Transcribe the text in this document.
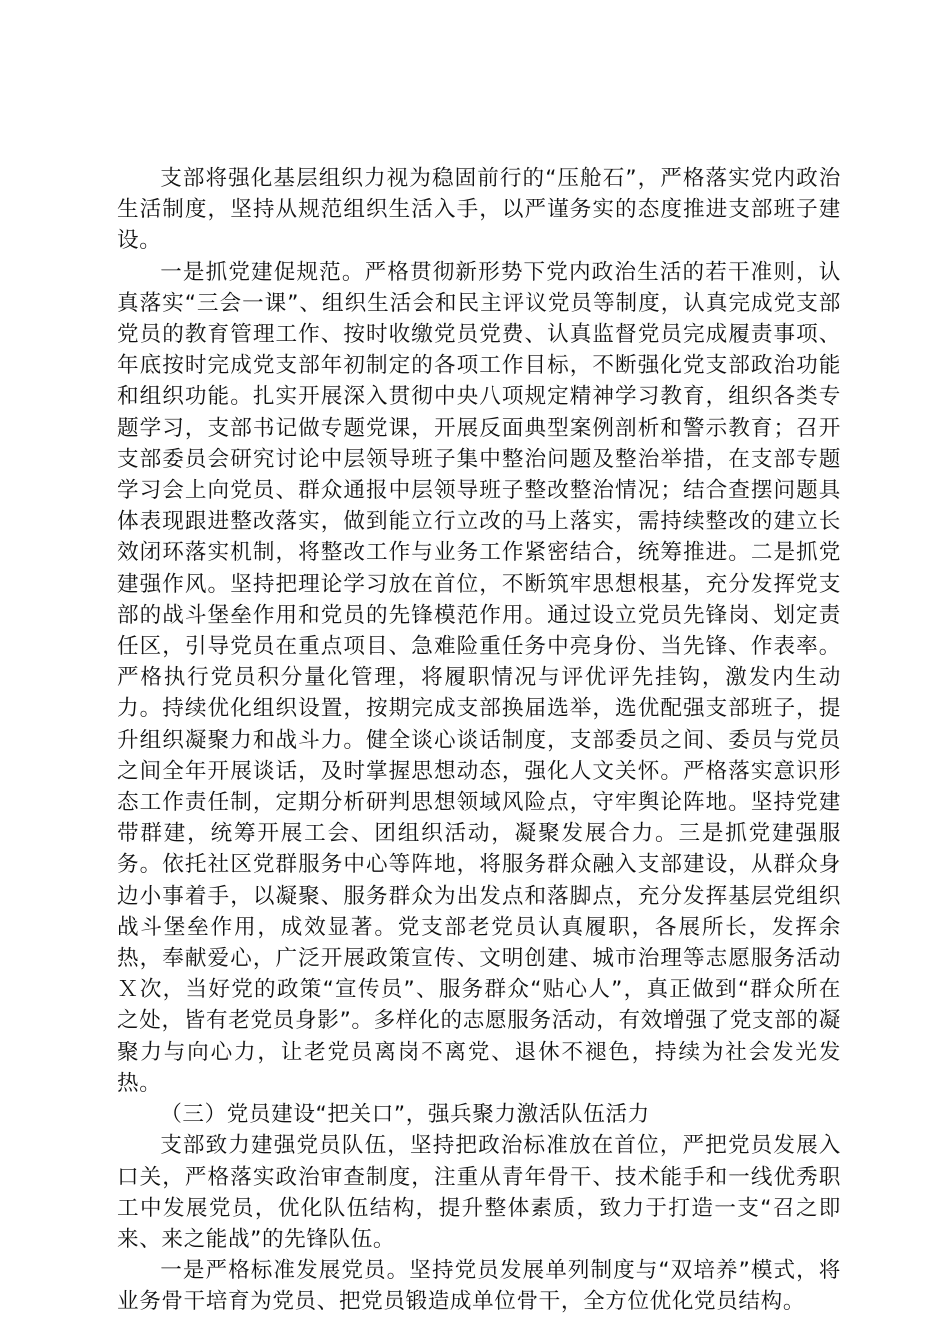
支部将强化基层组织力视为稳固前行的“压舱石”，严格落实党内政治生活制度，坚持从规范组织生活入手，以严谨务实的态度推进支部班子建设。

一是抓党建促规范。严格贯彻新形势下党内政治生活的若干准则，认真落实“三会一课”、组织生活会和民主评议党员等制度，认真完成党支部党员的教育管理工作、按时收缴党员党费、认真监督党员完成履责事项、年底按时完成党支部年初制定的各项工作目标，不断强化党支部政治功能和组织功能。扎实开展深入贯彻中央八项规定精神学习教育，组织各类专题学习，支部书记做专题党课，开展反面典型案例剖析和警示教育；召开支部委员会研究讨论中层领导班子集中整治问题及整治举措，在支部专题学习会上向党员、群众通报中层领导班子整改整治情况；结合查摆问题具体表现跟进整改落实，做到能立行立改的马上落实，需持续整改的建立长效闭环落实机制，将整改工作与业务工作紧密结合，统筹推进。二是抓党建强作风。坚持把理论学习放在首位，不断筑牢思想根基，充分发挥党支部的战斗堡垒作用和党员的先锋模范作用。通过设立党员先锋岗、划定责任区，引导党员在重点项目、急难险重任务中亮身份、当先锋、作表率。严格执行党员积分量化管理，将履职情况与评优评先挂钩，激发内生动力。持续优化组织设置，按期完成支部换届选举，选优配强支部班子，提升组织凝聚力和战斗力。健全谈心谈话制度，支部委员之间、委员与党员之间全年开展谈话，及时掌握思想动态，强化人文关怀。严格落实意识形态工作责任制，定期分析研判思想领域风险点，守牢舆论阵地。坚持党建带群建，统筹开展工会、团组织活动，凝聚发展合力。三是抓党建强服务。依托社区党群服务中心等阵地，将服务群众融入支部建设，从群众身边小事着手，以凝聚、服务群众为出发点和落脚点，充分发挥基层党组织战斗堡垒作用，成效显著。党支部老党员认真履职，各展所长，发挥余热，奉献爱心，广泛开展政策宣传、文明创建、城市治理等志愿服务活动Ｘ次，当好党的政策“宣传员”、服务群众“贴心人”，真正做到“群众所在之处，皆有老党员身影”。多样化的志愿服务活动，有效增强了党支部的凝聚力与向心力，让老党员离岗不离党、退休不褪色，持续为社会发光发热。

（三）党员建设“把关口”，强兵聚力激活队伍活力

支部致力建强党员队伍，坚持把政治标准放在首位，严把党员发展入口关，严格落实政治审查制度，注重从青年骨干、技术能手和一线优秀职工中发展党员，优化队伍结构，提升整体素质，致力于打造一支“召之即来、来之能战”的先锋队伍。

一是严格标准发展党员。坚持党员发展单列制度与“双培养”模式，将业务骨干培育为党员、把党员锻造成单位骨干，全方位优化党员结构。
